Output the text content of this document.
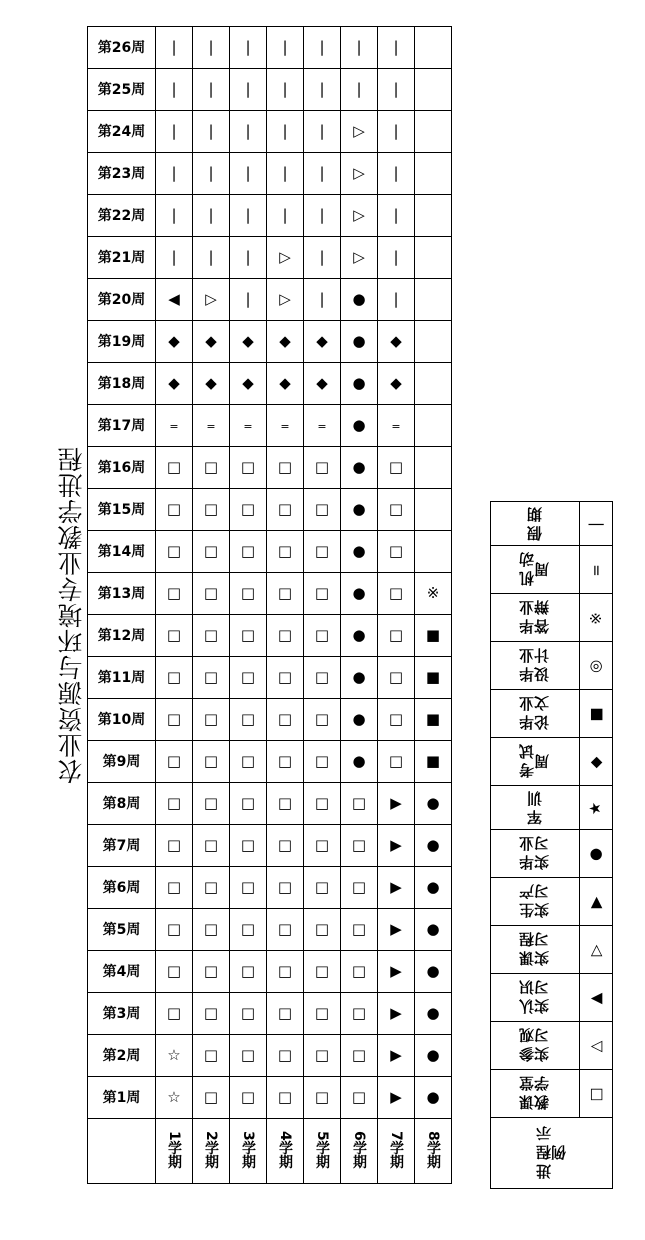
农业资源与环境专业教学进程
第26周	|	|	|	|	|	|	|	
第25周	|	|	|	|	|	|	|	
第24周	|	|	|	|	|	▷	|	
第23周	|	|	|	|	|	▷	|	
第22周	|	|	|	|	|	▷	|	
第21周	|	|	|	▷	|	▷	|	
第20周	◀	▷	|	▷	|	●	|	
第19周	◆	◆	◆	◆	◆	●	◆	
第18周	◆	◆	◆	◆	◆	●	◆	
第17周	=	=	=	=	=	●	=	
第16周	□	□	□	□	□	●	□	
第15周	□	□	□	□	□	●	□	
第14周	□	□	□	□	□	●	□	
第13周	□	□	□	□	□	●	□	※
第12周	□	□	□	□	□	●	□	■
第11周	□	□	□	□	□	●	□	■
第10周	□	□	□	□	□	●	□	■
第9周	□	□	□	□	□	●	□	■
第8周	□	□	□	□	□	□	▶	●
第7周	□	□	□	□	□	□	▶	●
第6周	□	□	□	□	□	□	▶	●
第5周	□	□	□	□	□	□	▶	●
第4周	□	□	□	□	□	□	▶	●
第3周	□	□	□	□	□	□	▶	●
第2周	☆	□	□	□	□	□	▶	●
第1周	☆	□	□	□	□	□	▶	●
	1学期	2学期	3学期	4学期	5学期	6学期	7学期	8学期
假期	|
机动周	=
毕业答辩	※
毕业设计	◎
毕业论文	■
考试周	◆
军训	★
毕业实习	●
生产实习	▶
课程实习	▷
认识实习	▲
参观实习	△
课堂教学	□
进程示例	
